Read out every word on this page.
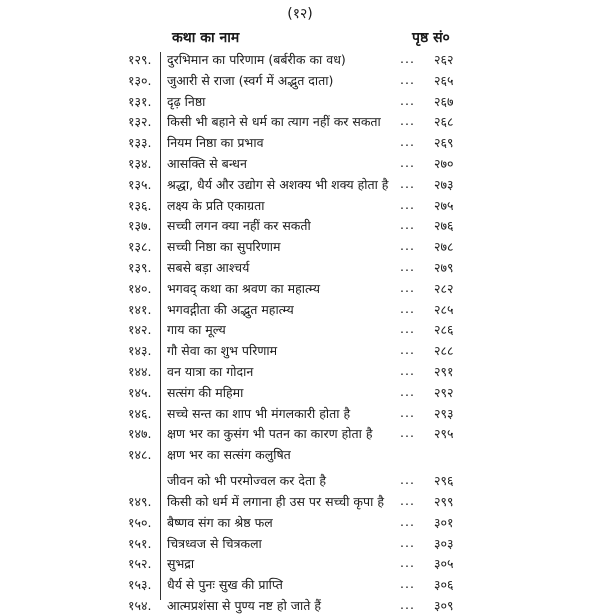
(१२)
कथा का नाम	पृष्ठ सं०
१२९. दुरभिमान का परिणाम (बर्बरीक का वध)	... २६२
१३०. जुआरी से राजा (स्वर्ग में अद्भुत दाता)	... २६५
१३१. दृढ़ निष्ठा	... २६७
१३२. किसी भी बहाने से धर्म का त्याग नहीं कर सकता ... २६८
१३३. नियम निष्ठा का प्रभाव	... २६९
१३४. आसक्ति से बन्धन	... २७०
१३५. श्रद्धा, धैर्य और उद्योग से अशक्य भी शक्य होता है ... २७३
१३६. लक्ष्य के प्रति एकाग्रता	... २७५
१३७. सच्ची लगन क्या नहीं कर सकती	... २७६
१३८. सच्ची निष्ठा का सुपरिणाम	... २७८
१३९. सबसे बड़ा आश्चर्य	... २७९
१४०. भगवद् कथा का श्रवण का महात्म्य	... २८२
१४१. भगवद्गीता की अद्भुत महात्म्य	... २८५
१४२. गाय का मूल्य	... २८६
१४३. गौ सेवा का शुभ परिणाम	... २८८
१४४. वन यात्रा का गोदान	... २९१
१४५. सत्संग की महिमा	... २९२
१४६. सच्चे सन्त का शाप भी मंगलकारी होता है	... २९३
१४७. क्षण भर का कुसंग भी पतन का कारण होता है ... २९५
१४८. क्षण भर का सत्संग कलुषित
जीवन को भी परमोज्वल कर देता है	... २९६
१४९. किसी को धर्म में लगाना ही उस पर सच्ची कृपा है ... २९९
१५०. बैष्णव संग का श्रेष्ठ फल	... ३०१
१५१. चित्रध्वज से चित्रकला	... ३०३
१५२. सुभद्रा	... ३०५
१५३. धैर्य से पुनः सुख की प्राप्ति	... ३०६
१५४. आत्मप्रशंसा से पुण्य नष्ट हो जाते हैं	... ३०९
